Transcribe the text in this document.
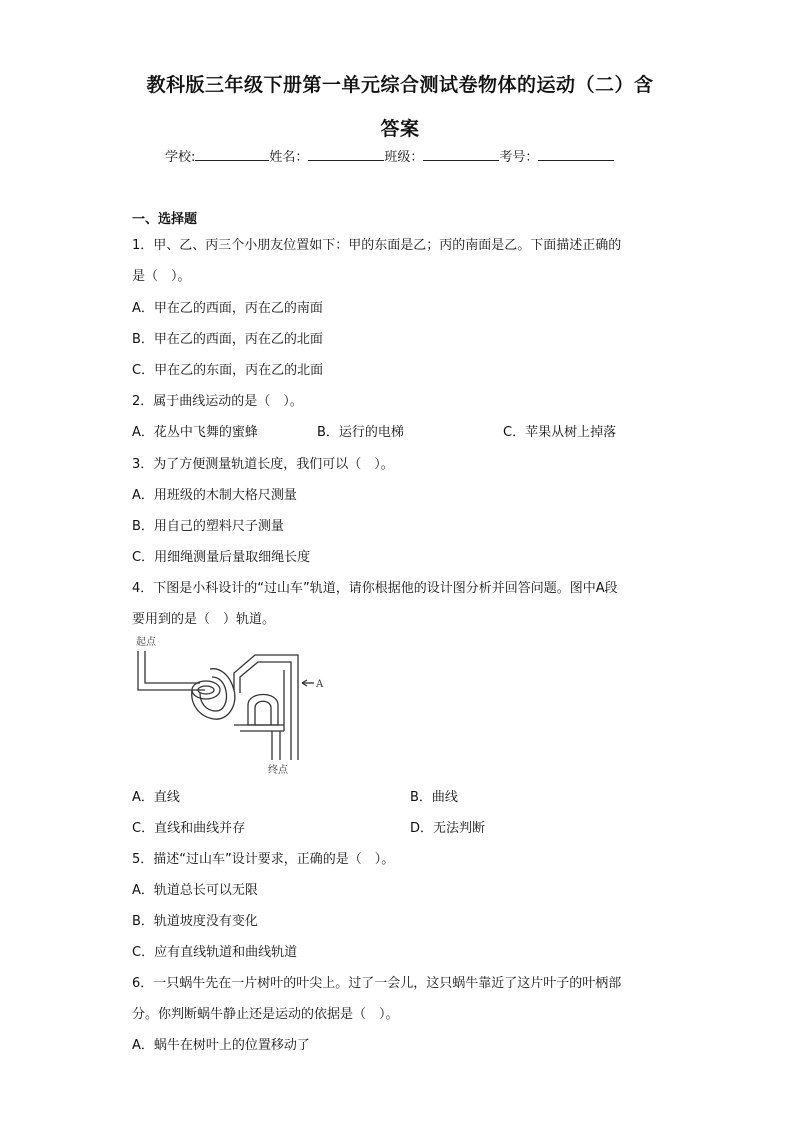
教科版三年级下册第一单元综合测试卷物体的运动（二）含
答案
学校:	姓名：	班级：	考号：
一、选择题
1．甲、乙、丙三个小朋友位置如下：甲的东面是乙；丙的南面是乙。下面描述正确的
是（　）。
A．甲在乙的西面，丙在乙的南面
B．甲在乙的西面，丙在乙的北面
C．甲在乙的东面，丙在乙的北面
2．属于曲线运动的是（　）。
A．花丛中飞舞的蜜蜂	B．运行的电梯	C．苹果从树上掉落
3．为了方便测量轨道长度，我们可以（　）。
A．用班级的木制大格尺测量
B．用自己的塑料尺子测量
C．用细绳测量后量取细绳长度
4．下图是小科设计的“过山车”轨道，请你根据他的设计图分析并回答问题。图中A段
要用到的是（　）轨道。
起点
A
终点
A．直线	B．曲线
C．直线和曲线并存	D．无法判断
5．描述“过山车”设计要求，正确的是（　）。
A．轨道总长可以无限
B．轨道坡度没有变化
C．应有直线轨道和曲线轨道
6．一只蜗牛先在一片树叶的叶尖上。过了一会儿，这只蜗牛靠近了这片叶子的叶柄部
分。你判断蜗牛静止还是运动的依据是（　）。
A．蜗牛在树叶上的位置移动了
